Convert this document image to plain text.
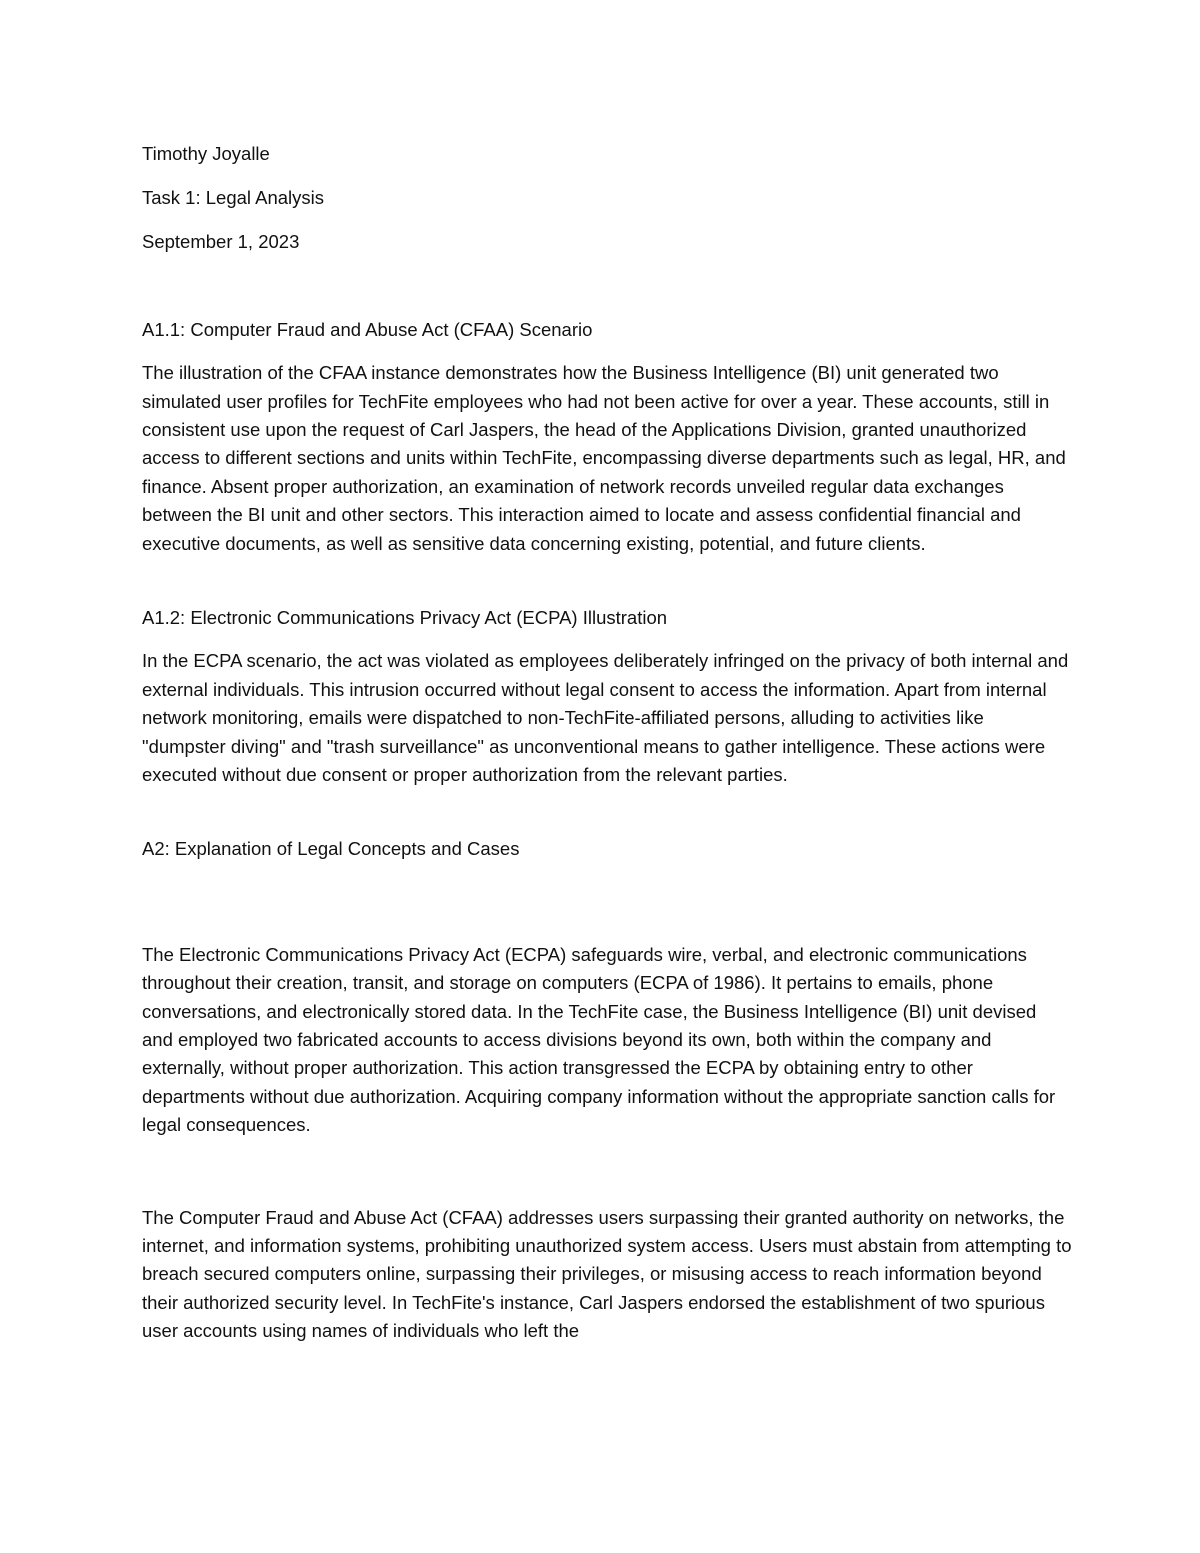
Timothy Joyalle
Task 1: Legal Analysis
September 1, 2023
A1.1: Computer Fraud and Abuse Act (CFAA) Scenario

The illustration of the CFAA instance demonstrates how the Business Intelligence (BI) unit generated two simulated user profiles for TechFite employees who had not been active for over a year. These accounts, still in consistent use upon the request of Carl Jaspers, the head of the Applications Division, granted unauthorized access to different sections and units within TechFite, encompassing diverse departments such as legal, HR, and finance. Absent proper authorization, an examination of network records unveiled regular data exchanges between the BI unit and other sectors. This interaction aimed to locate and assess confidential financial and executive documents, as well as sensitive data concerning existing, potential, and future clients.

A1.2: Electronic Communications Privacy Act (ECPA) Illustration

In the ECPA scenario, the act was violated as employees deliberately infringed on the privacy of both internal and external individuals. This intrusion occurred without legal consent to access the information. Apart from internal network monitoring, emails were dispatched to non-TechFite-affiliated persons, alluding to activities like "dumpster diving" and "trash surveillance" as unconventional means to gather intelligence. These actions were executed without due consent or proper authorization from the relevant parties.

A2: Explanation of Legal Concepts and Cases

The Electronic Communications Privacy Act (ECPA) safeguards wire, verbal, and electronic communications throughout their creation, transit, and storage on computers (ECPA of 1986). It pertains to emails, phone conversations, and electronically stored data. In the TechFite case, the Business Intelligence (BI) unit devised and employed two fabricated accounts to access divisions beyond its own, both within the company and externally, without proper authorization. This action transgressed the ECPA by obtaining entry to other departments without due authorization. Acquiring company information without the appropriate sanction calls for legal consequences.

The Computer Fraud and Abuse Act (CFAA) addresses users surpassing their granted authority on networks, the internet, and information systems, prohibiting unauthorized system access. Users must abstain from attempting to breach secured computers online, surpassing their privileges, or misusing access to reach information beyond their authorized security level. In TechFite's instance, Carl Jaspers endorsed the establishment of two spurious user accounts using names of individuals who left the
